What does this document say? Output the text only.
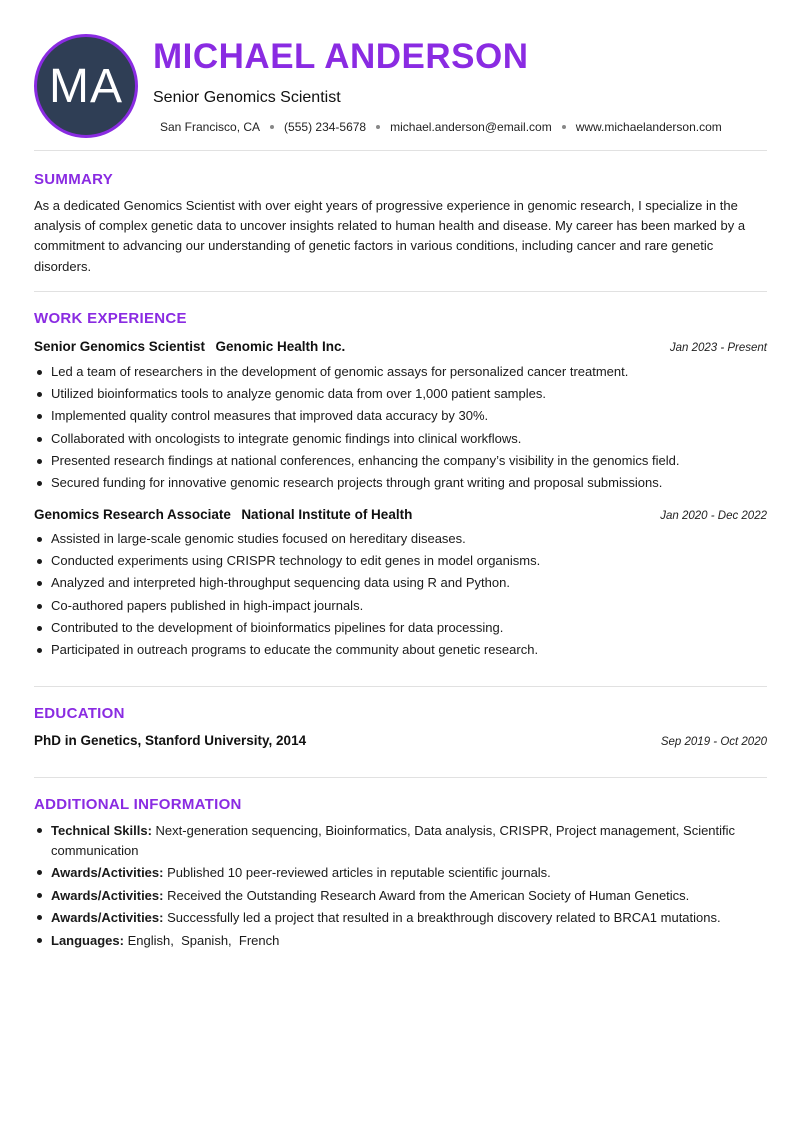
MA
MICHAEL ANDERSON
Senior Genomics Scientist
San Francisco, CA (555) 234-5678 michael.anderson@email.com www.michaelanderson.com
SUMMARY

As a dedicated Genomics Scientist with over eight years of progressive experience in genomic research, I specialize in the analysis of complex genetic data to uncover insights related to human health and disease. My career has been marked by a commitment to advancing our understanding of genetic factors in various conditions, including cancer and rare genetic disorders.

WORK EXPERIENCE
Senior Genomics Scientist Genomic Health Inc.	Jan 2023 - Present
Led a team of researchers in the development of genomic assays for personalized cancer treatment.
Utilized bioinformatics tools to analyze genomic data from over 1,000 patient samples.
Implemented quality control measures that improved data accuracy by 30%.
Collaborated with oncologists to integrate genomic findings into clinical workflows.
Presented research findings at national conferences, enhancing the company’s visibility in the genomics field.
Secured funding for innovative genomic research projects through grant writing and proposal submissions.
Genomics Research Associate National Institute of Health	Jan 2020 - Dec 2022
Assisted in large-scale genomic studies focused on hereditary diseases.
Conducted experiments using CRISPR technology to edit genes in model organisms.
Analyzed and interpreted high-throughput sequencing data using R and Python.
Co-authored papers published in high-impact journals.
Contributed to the development of bioinformatics pipelines for data processing.
Participated in outreach programs to educate the community about genetic research.
EDUCATION
PhD in Genetics, Stanford University, 2014	Sep 2019 - Oct 2020
ADDITIONAL INFORMATION
Technical Skills: Next-generation sequencing, Bioinformatics, Data analysis, CRISPR, Project management, Scientific communication
Awards/Activities: Published 10 peer-reviewed articles in reputable scientific journals.
Awards/Activities: Received the Outstanding Research Award from the American Society of Human Genetics.
Awards/Activities: Successfully led a project that resulted in a breakthrough discovery related to BRCA1 mutations.
Languages: English,  Spanish,  French
